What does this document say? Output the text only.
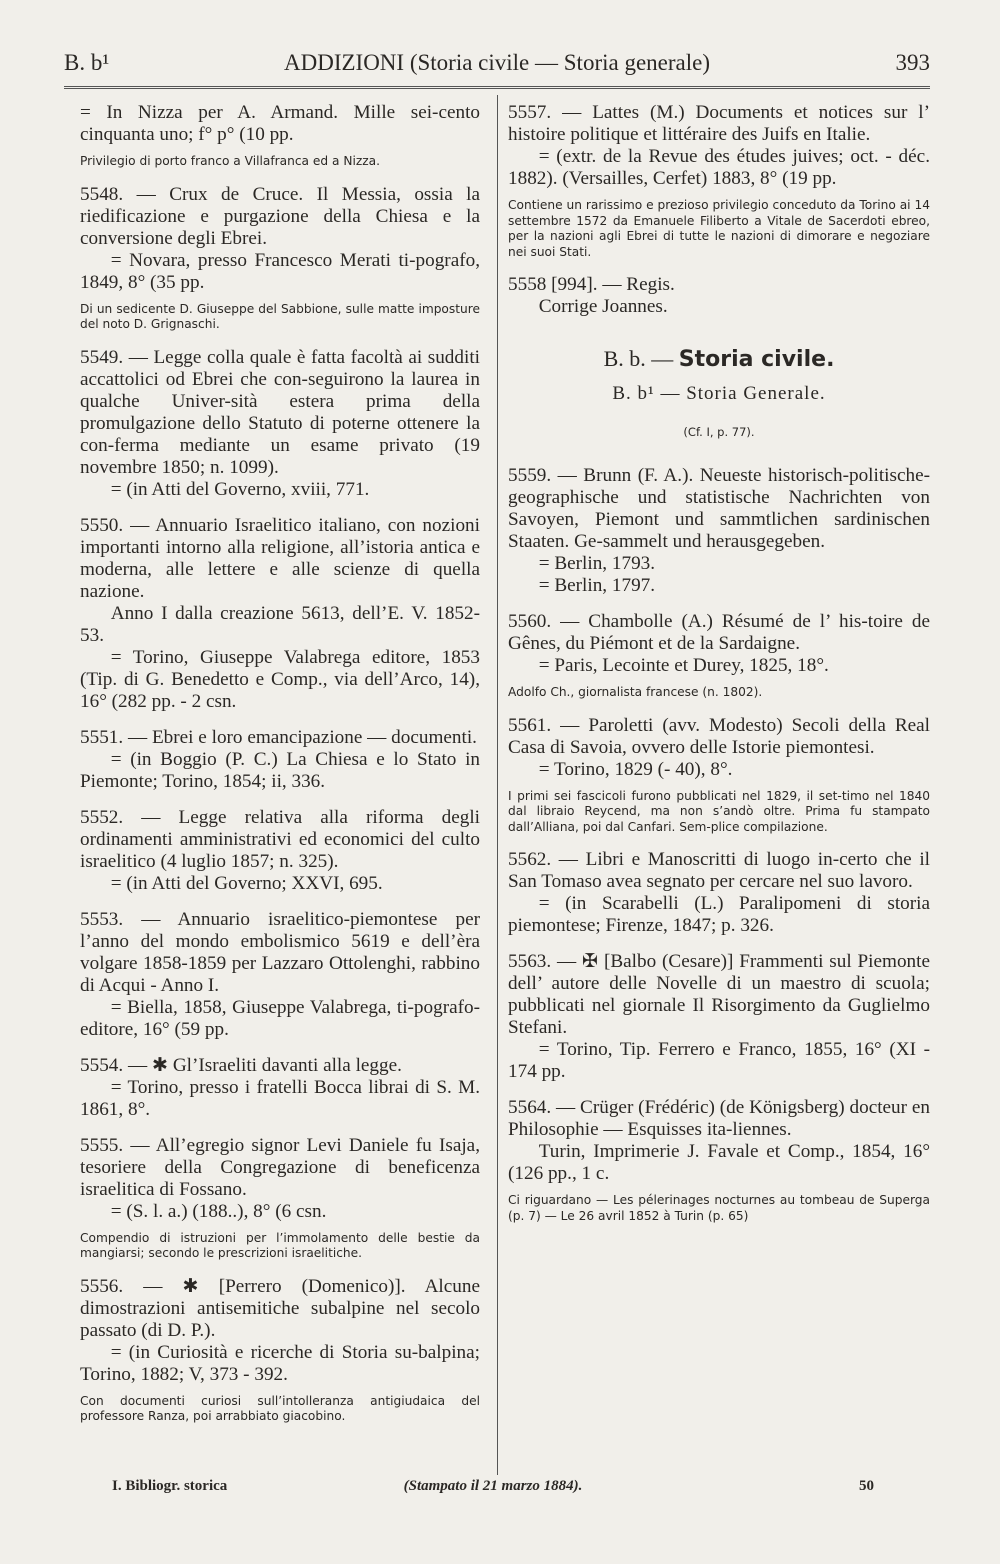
B. b¹	ADDIZIONI (Storia civile — Storia generale)	393
= In Nizza per A. Armand. Mille sei-cento cinquanta uno; f° p° (10 pp.
Privilegio di porto franco a Villafranca ed a Nizza.
5548. — Crux de Cruce. Il Messia, ossia la riedificazione e purgazione della Chiesa e la conversione degli Ebrei.
= Novara, presso Francesco Merati ti-pografo, 1849, 8° (35 pp.
Di un sedicente D. Giuseppe del Sabbione, sulle matte imposture del noto D. Grignaschi.
5549. — Legge colla quale è fatta facoltà ai sudditi accattolici od Ebrei che con-seguirono la laurea in qualche Univer-sità estera prima della promulgazione dello Statuto di poterne ottenere la con-ferma mediante un esame privato (19 novembre 1850; n. 1099).
= (in Atti del Governo, xviii, 771.
5550. — Annuario Israelitico italiano, con nozioni importanti intorno alla religione, all’istoria antica e moderna, alle lettere e alle scienze di quella nazione.
Anno I dalla creazione 5613, dell’E. V. 1852-53.
= Torino, Giuseppe Valabrega editore, 1853 (Tip. di G. Benedetto e Comp., via dell’Arco, 14), 16° (282 pp. - 2 csn.
5551. — Ebrei e loro emancipazione — documenti.
= (in Boggio (P. C.) La Chiesa e lo Stato in Piemonte; Torino, 1854; ii, 336.
5552. — Legge relativa alla riforma degli ordinamenti amministrativi ed economici del culto israelitico (4 luglio 1857; n. 325).
= (in Atti del Governo; XXVI, 695.
5553. — Annuario israelitico-piemontese per l’anno del mondo embolismico 5619 e dell’èra volgare 1858-1859 per Lazzaro Ottolenghi, rabbino di Acqui - Anno I.
= Biella, 1858, Giuseppe Valabrega, ti-pografo-editore, 16° (59 pp.
5554. — ✱ Gl’Israeliti davanti alla legge.
= Torino, presso i fratelli Bocca librai di S. M. 1861, 8°.
5555. — All’egregio signor Levi Daniele fu Isaja, tesoriere della Congregazione di beneficenza israelitica di Fossano.
= (S. l. a.) (188..), 8° (6 csn.
Compendio di istruzioni per l’immolamento delle bestie da mangiarsi; secondo le prescrizioni israelitiche.
5556. — ✱ [Perrero (Domenico)]. Alcune dimostrazioni antisemitiche subalpine nel secolo passato (di D. P.).
= (in Curiosità e ricerche di Storia su-balpina; Torino, 1882; V, 373 - 392.
Con documenti curiosi sull’intolleranza antigiudaica del professore Ranza, poi arrabbiato giacobino.
5557. — Lattes (M.) Documents et notices sur l’ histoire politique et littéraire des Juifs en Italie.
= (extr. de la Revue des études juives; oct. - déc. 1882). (Versailles, Cerfet) 1883, 8° (19 pp.
Contiene un rarissimo e prezioso privilegio conceduto da Torino ai 14 settembre 1572 da Emanuele Filiberto a Vitale de Sacerdoti ebreo, per la nazioni agli Ebrei di tutte le nazioni di dimorare e negoziare nei suoi Stati.
5558 [994]. — Regis.
Corrige Joannes.
B. b. — Storia civile.
B. b¹ — Storia Generale.
(Cf. I, p. 77).
5559. — Brunn (F. A.). Neueste historisch-politische-geographische und statistische Nachrichten von Savoyen, Piemont und sammtlichen sardinischen Staaten. Ge-sammelt und herausgegeben.
= Berlin, 1793.
= Berlin, 1797.
5560. — Chambolle (A.) Résumé de l’ his-toire de Gênes, du Piémont et de la Sardaigne.
= Paris, Lecointe et Durey, 1825, 18°.
Adolfo Ch., giornalista francese (n. 1802).
5561. — Paroletti (avv. Modesto) Secoli della Real Casa di Savoia, ovvero delle Istorie piemontesi.
= Torino, 1829 (- 40), 8°.
I primi sei fascicoli furono pubblicati nel 1829, il set-timo nel 1840 dal libraio Reycend, ma non s’andò oltre. Prima fu stampato dall’Alliana, poi dal Canfari. Sem-plice compilazione.
5562. — Libri e Manoscritti di luogo in-certo che il San Tomaso avea segnato per cercare nel suo lavoro.
= (in Scarabelli (L.) Paralipomeni di storia piemontese; Firenze, 1847; p. 326.
5563. — ✠ [Balbo (Cesare)] Frammenti sul Piemonte dell’ autore delle Novelle di un maestro di scuola; pubblicati nel giornale Il Risorgimento da Guglielmo Stefani.
= Torino, Tip. Ferrero e Franco, 1855, 16° (XI - 174 pp.
5564. — Crüger (Frédéric) (de Königsberg) docteur en Philosophie — Esquisses ita-liennes.
Turin, Imprimerie J. Favale et Comp., 1854, 16° (126 pp., 1 c.
Ci riguardano — Les pélerinages nocturnes au tombeau de Superga (p. 7) — Le 26 avril 1852 à Turin (p. 65)
I. Bibliogr. storica	(Stampato il 21 marzo 1884).	50
